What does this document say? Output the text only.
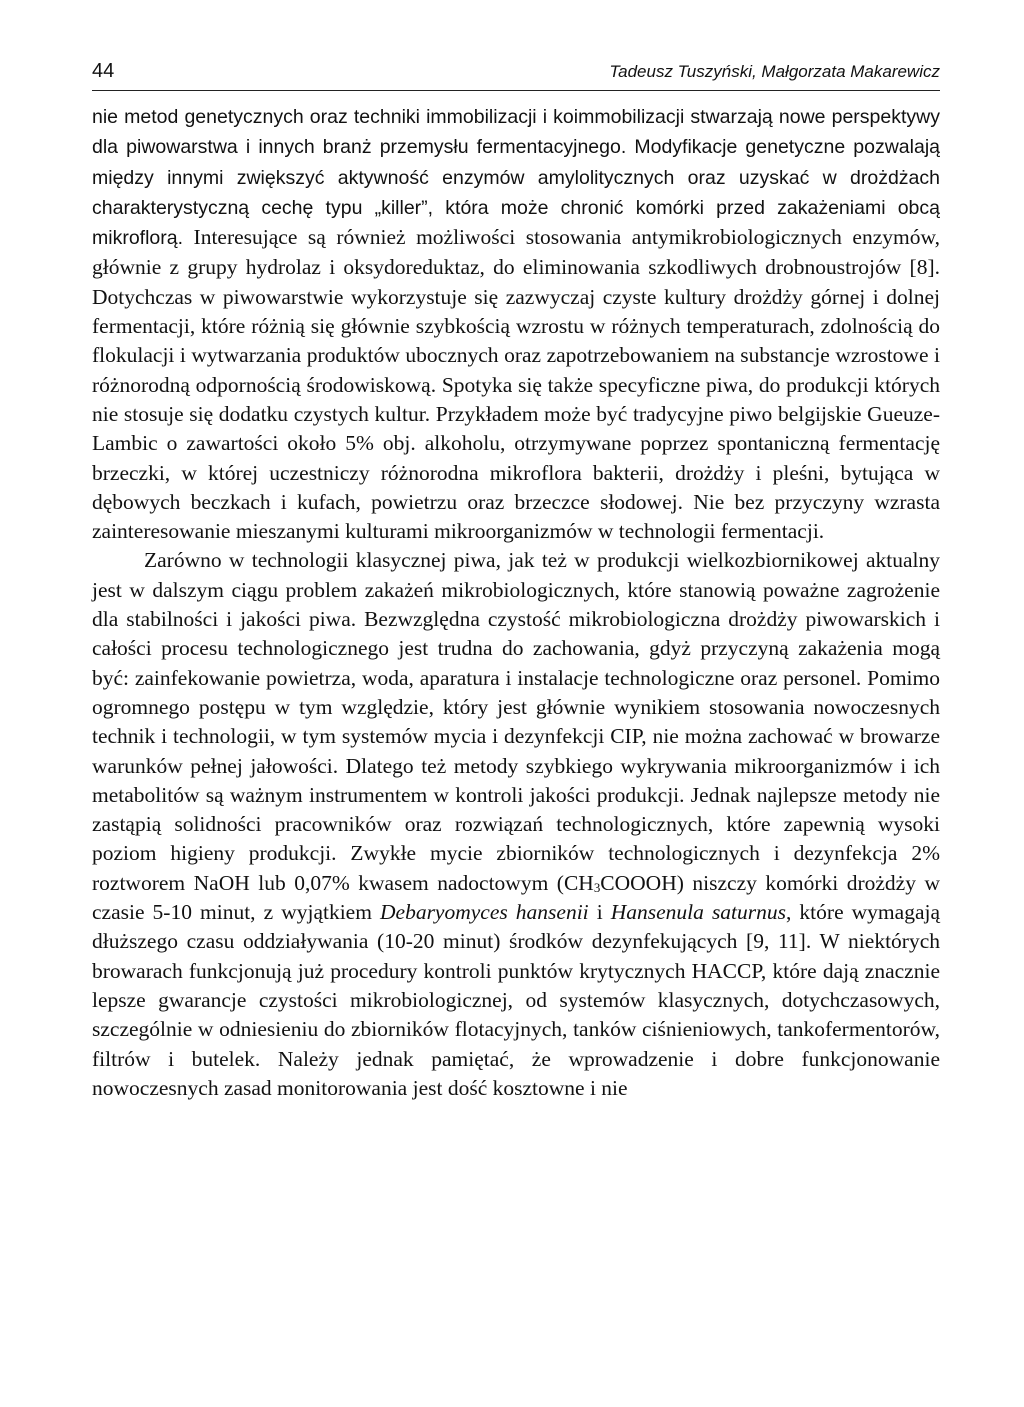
44	Tadeusz Tuszyński, Małgorzata Makarewicz

nie metod genetycznych oraz techniki immobilizacji i koimmobilizacji stwarzają nowe perspektywy dla piwowarstwa i innych branż przemysłu fermentacyjnego. Modyfikacje genetyczne pozwalają między innymi zwiększyć aktywność enzymów amylolitycznych oraz uzyskać w drożdżach charakterystyczną cechę typu „killer”, która może chronić komórki przed zakażeniami obcą mikroflorą. Interesujące są również możliwości stosowania antymikrobiologicznych enzymów, głównie z grupy hydrolaz i oksydoreduktaz, do eliminowania szkodliwych drobnoustrojów [8]. Dotychczas w piwowarstwie wykorzystuje się zazwyczaj czyste kultury drożdży górnej i dolnej fermentacji, które różnią się głównie szybkością wzrostu w różnych temperaturach, zdolnością do flokulacji i wytwarzania produktów ubocznych oraz zapotrzebowaniem na substancje wzrostowe i różnorodną odpornością środowiskową. Spotyka się także specyficzne piwa, do produkcji których nie stosuje się dodatku czystych kultur. Przykładem może być tradycyjne piwo belgijskie Gueuze-Lambic o zawartości około 5% obj. alkoholu, otrzymywane poprzez spontaniczną fermentację brzeczki, w której uczestniczy różnorodna mikroflora bakterii, drożdży i pleśni, bytująca w dębowych beczkach i kufach, powietrzu oraz brzeczce słodowej. Nie bez przyczyny wzrasta zainteresowanie mieszanymi kulturami mikroorganizmów w technologii fermentacji.

Zarówno w technologii klasycznej piwa, jak też w produkcji wielkozbiornikowej aktualny jest w dalszym ciągu problem zakażeń mikrobiologicznych, które stanowią poważne zagrożenie dla stabilności i jakości piwa. Bezwzględna czystość mikrobiologiczna drożdży piwowarskich i całości procesu technologicznego jest trudna do zachowania, gdyż przyczyną zakażenia mogą być: zainfekowanie powietrza, woda, aparatura i instalacje technologiczne oraz personel. Pomimo ogromnego postępu w tym względzie, który jest głównie wynikiem stosowania nowoczesnych technik i technologii, w tym systemów mycia i dezynfekcji CIP, nie można zachować w browarze warunków pełnej jałowości. Dlatego też metody szybkiego wykrywania mikroorganizmów i ich metabolitów są ważnym instrumentem w kontroli jakości produkcji. Jednak najlepsze metody nie zastąpią solidności pracowników oraz rozwiązań technologicznych, które zapewnią wysoki poziom higieny produkcji. Zwykłe mycie zbiorników technologicznych i dezynfekcja 2% roztworem NaOH lub 0,07% kwasem nadoctowym $(CH_3COOOH)$ niszczy komórki drożdży w czasie 5-10 minut, z wyjątkiem Debaryomyces hansenii i Hansenula saturnus, które wymagają dłuższego czasu oddziaływania (10-20 minut) środków dezynfekujących [9, 11]. W niektórych browarach funkcjonują już procedury kontroli punktów krytycznych HACCP, które dają znacznie lepsze gwarancje czystości mikrobiologicznej, od systemów klasycznych, dotychczasowych, szczególnie w odniesieniu do zbiorników flotacyjnych, tanków ciśnieniowych, tankofermentorów, filtrów i butelek. Należy jednak pamiętać, że wprowadzenie i dobre funkcjonowanie nowoczesnych zasad monitorowania jest dość kosztowne i nie
